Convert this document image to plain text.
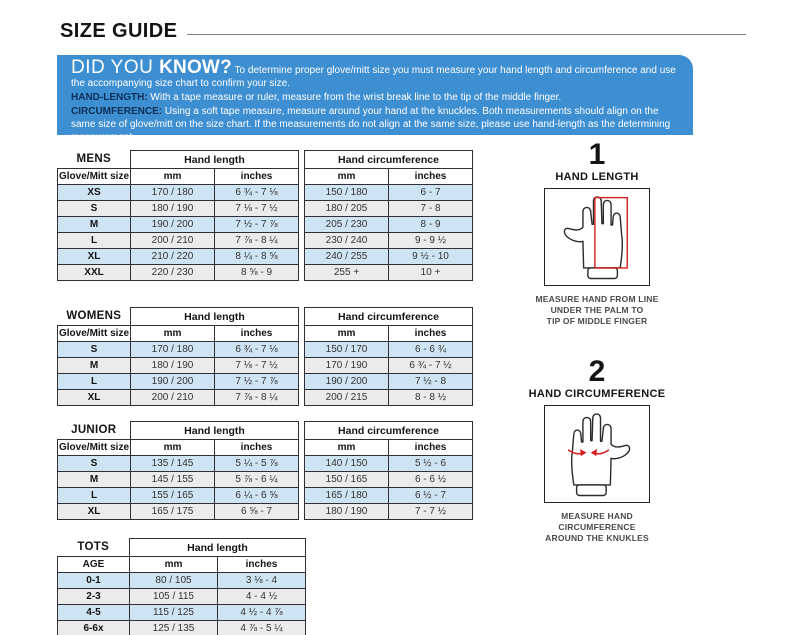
SIZE GUIDE

DID YOU KNOW? To determine proper glove/mitt size you must measure your hand length and circumference and use the accompanying size chart to confirm your size.

HAND-LENGTH: With a tape measure or ruler, measure from the wrist break line to the tip of the middle finger.

CIRCUMFERENCE: Using a soft tape measure, measure around your hand at the knuckles. Both measurements should align on the same size of glove/mitt on the size chart. If the measurements do not align at the same size, please use hand-length as the determining measurement.

MENS	Hand length			Hand circumference	
Glove/Mitt size	mm	inches		mm	inches
XS	170 / 180	6 ¾ - 7 ⅛		150 / 180	6 - 7
S	180 / 190	7 ⅛ - 7 ½		180 / 205	7 - 8
M	190 / 200	7 ½ - 7 ⅞		205 / 230	8 - 9
L	200 / 210	7 ⅞ - 8 ¼		230 / 240	9 - 9 ½
XL	210 / 220	8 ¼ - 8 ⅝		240 / 255	9 ½ - 10
XXL	220 / 230	8 ⅝ - 9		255 +	10 +
WOMENS	Hand length			Hand circumference	
Glove/Mitt size	mm	inches		mm	inches
S	170 / 180	6 ¾ - 7 ⅛		150 / 170	6 - 6 ¾
M	180 / 190	7 ⅛ - 7 ½		170 / 190	6 ¾ - 7 ½
L	190 / 200	7 ½ - 7 ⅞		190 / 200	7 ½ - 8
XL	200 / 210	7 ⅞ - 8 ¼		200 / 215	8 - 8 ½
JUNIOR	Hand length			Hand circumference	
Glove/Mitt size	mm	inches		mm	inches
S	135 / 145	5 ¼ - 5 ⅞		140 / 150	5 ½ - 6
M	145 / 155	5 ⅞ - 6 ¼		150 / 165	6 - 6 ½
L	155 / 165	6 ¼ - 6 ⅝		165 / 180	6 ½ - 7
XL	165 / 175	6 ⅝ - 7		180 / 190	7 - 7 ½
TOTS	Hand length	
AGE	mm	inches
0-1	80 / 105	3 ⅛ - 4
2-3	105 / 115	4 - 4 ½
4-5	115 / 125	4 ½ - 4 ⅞
6-6x	125 / 135	4 ⅞ - 5 ¼
1
HAND LENGTH
MEASURE HAND FROM LINE
UNDER THE PALM TO
TIP OF MIDDLE FINGER
2
HAND CIRCUMFERENCE
MEASURE HAND CIRCUMFERENCE
AROUND THE KNUKLES
